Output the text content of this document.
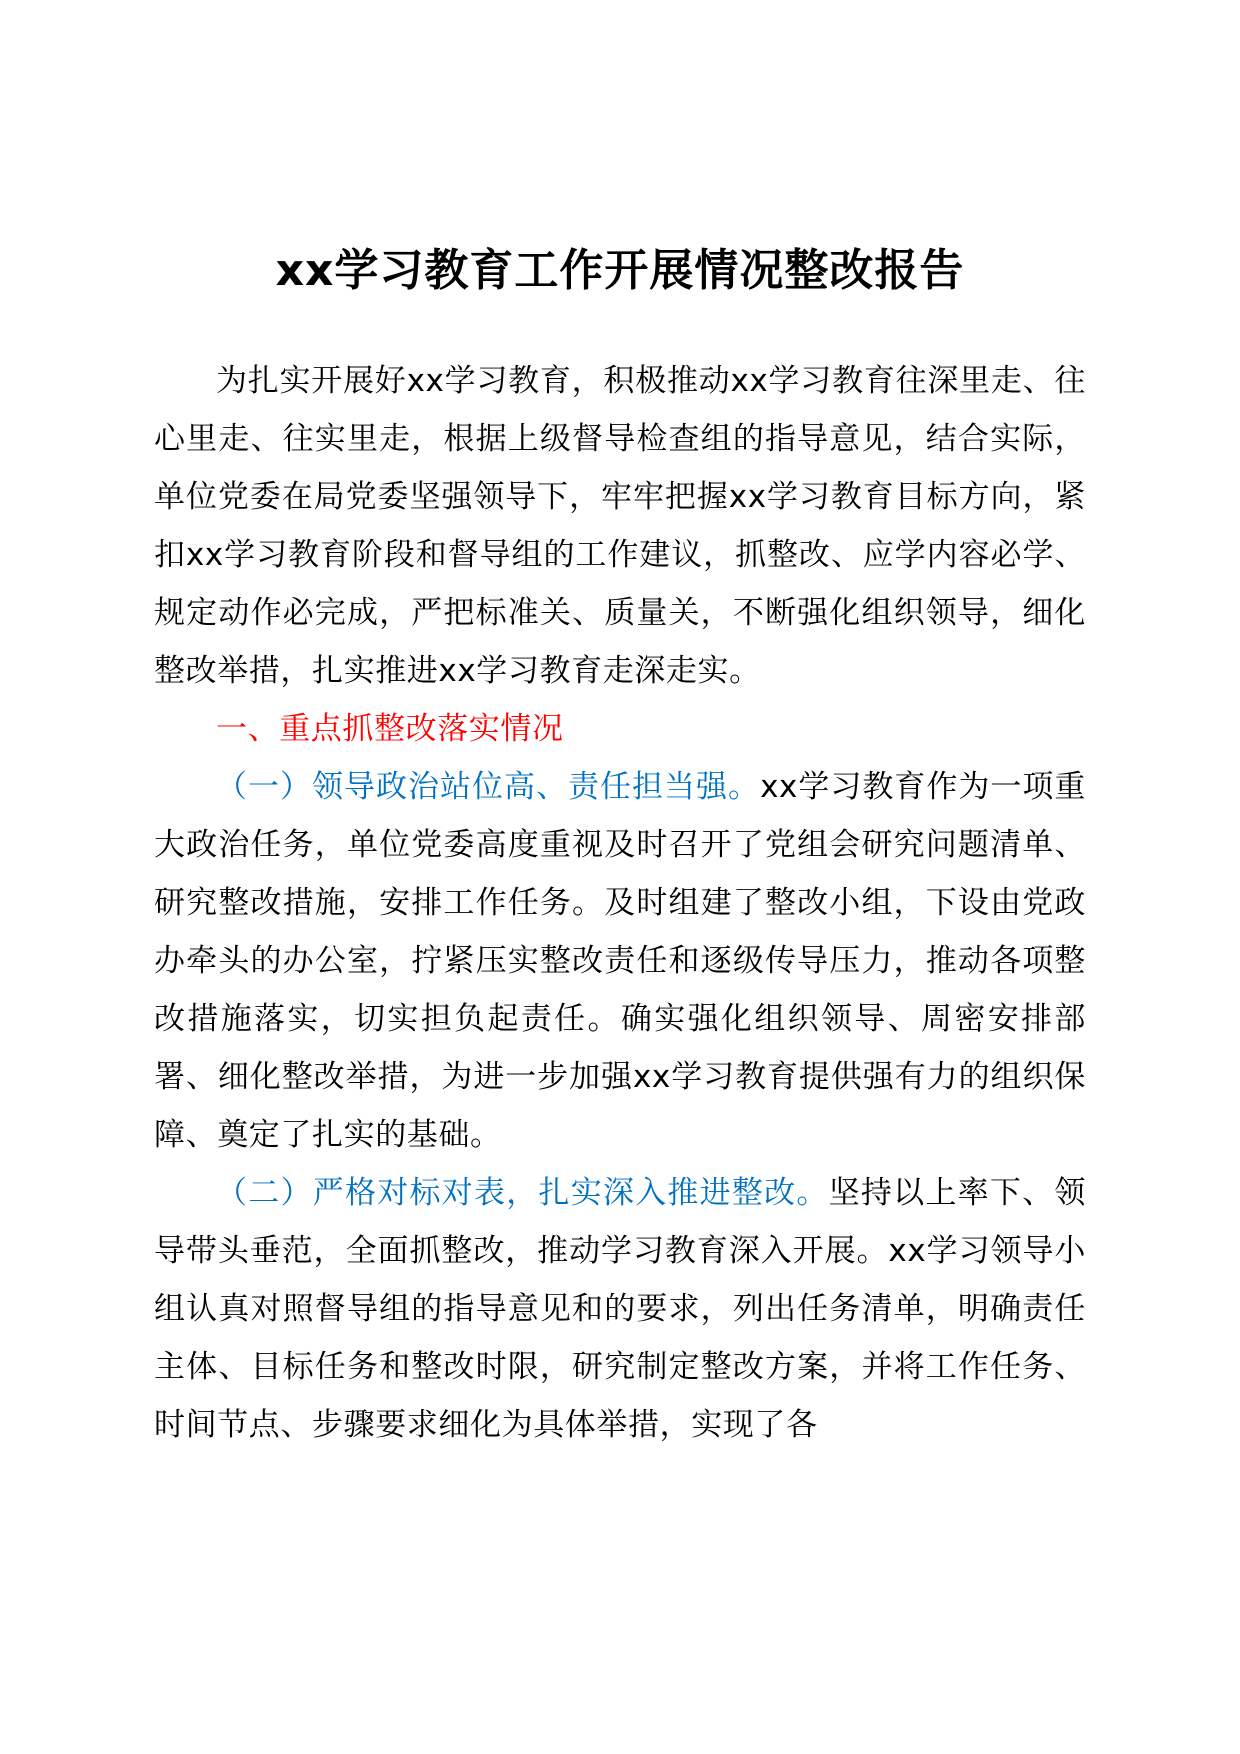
xx学习教育工作开展情况整改报告

为扎实开展好xx学习教育，积极推动xx学习教育往深里走、往心里走、往实里走，根据上级督导检查组的指导意见，结合实际，单位党委在局党委坚强领导下，牢牢把握xx学习教育目标方向，紧扣xx学习教育阶段和督导组的工作建议，抓整改、应学内容必学、规定动作必完成，严把标准关、质量关，不断强化组织领导，细化整改举措，扎实推进xx学习教育走深走实。

一、重点抓整改落实情况

（一）领导政治站位高、责任担当强。xx学习教育作为一项重大政治任务，单位党委高度重视及时召开了党组会研究问题清单、研究整改措施，安排工作任务。及时组建了整改小组，下设由党政办牵头的办公室，拧紧压实整改责任和逐级传导压力，推动各项整改措施落实，切实担负起责任。确实强化组织领导、周密安排部署、细化整改举措，为进一步加强xx学习教育提供强有力的组织保障、奠定了扎实的基础。

（二）严格对标对表，扎实深入推进整改。坚持以上率下、领导带头垂范，全面抓整改，推动学习教育深入开展。xx学习领导小组认真对照督导组的指导意见和的要求，列出任务清单，明确责任主体、目标任务和整改时限，研究制定整改方案，并将工作任务、时间节点、步骤要求细化为具体举措，实现了各
